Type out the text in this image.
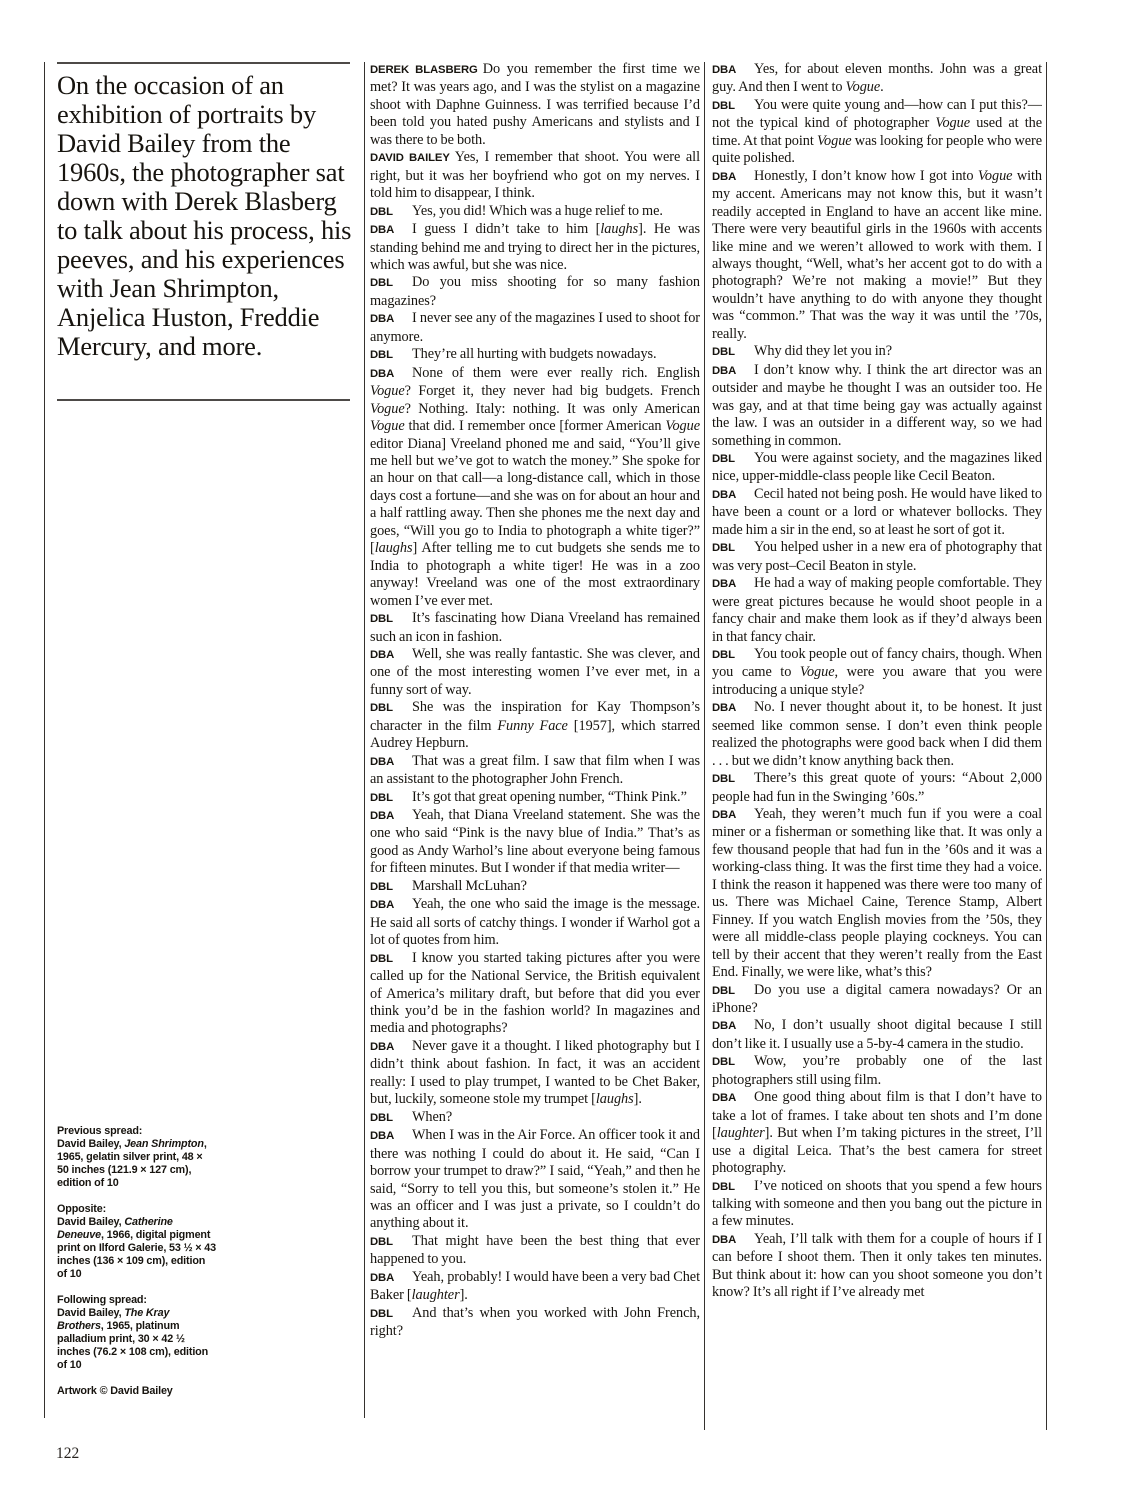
On the occasion of an exhibition of portraits by David Bailey from the 1960s, the photographer sat down with Derek Blasberg to talk about his process, his peeves, and his experiences with Jean Shrimpton, Anjelica Huston, Freddie Mercury, and more.
Previous spread:
David Bailey, Jean Shrimpton, 1965, gelatin silver print, 48 × 50 inches (121.9 × 127 cm), edition of 10
Opposite:
David Bailey, Catherine Deneuve, 1966, digital pigment print on Ilford Galerie, 53 ½ × 43 inches (136 × 109 cm), edition of 10
Following spread:
David Bailey, The Kray Brothers, 1965, platinum palladium print, 30 × 42 ½ inches (76.2 × 108 cm), edition of 10
Artwork © David Bailey
122

DEREK BLASBERG Do you remember the first time we met? It was years ago, and I was the stylist on a magazine shoot with Daphne Guinness. I was terrified because I’d been told you hated pushy Americans and stylists and I was there to be both.

DAVID BAILEY Yes, I remember that shoot. You were all right, but it was her boyfriend who got on my nerves. I told him to disappear, I think.

DBL Yes, you did! Which was a huge relief to me.

DBA I guess I didn’t take to him [laughs]. He was standing behind me and trying to direct her in the pictures, which was awful, but she was nice.

DBL Do you miss shooting for so many fashion magazines?

DBA I never see any of the magazines I used to shoot for anymore.

DBL They’re all hurting with budgets nowadays.

DBA None of them were ever really rich. English Vogue? Forget it, they never had big budgets. French Vogue? Nothing. Italy: nothing. It was only American Vogue that did. I remember once [former American Vogue editor Diana] Vreeland phoned me and said, “You’ll give me hell but we’ve got to watch the money.” She spoke for an hour on that call—a long-distance call, which in those days cost a fortune—and she was on for about an hour and a half rattling away. Then she phones me the next day and goes, “Will you go to India to photograph a white tiger?” [laughs] After telling me to cut budgets she sends me to India to photograph a white tiger! He was in a zoo anyway! Vreeland was one of the most extraordinary women I’ve ever met.

DBL It’s fascinating how Diana Vreeland has remained such an icon in fashion.

DBA Well, she was really fantastic. She was clever, and one of the most interesting women I’ve ever met, in a funny sort of way.

DBL She was the inspiration for Kay Thompson’s character in the film Funny Face [1957], which starred Audrey Hepburn.

DBA That was a great film. I saw that film when I was an assistant to the photographer John French.

DBL It’s got that great opening number, “Think Pink.”

DBA Yeah, that Diana Vreeland statement. She was the one who said “Pink is the navy blue of India.” That’s as good as Andy Warhol’s line about everyone being famous for fifteen minutes. But I wonder if that media writer—

DBL Marshall McLuhan?

DBA Yeah, the one who said the image is the message. He said all sorts of catchy things. I wonder if Warhol got a lot of quotes from him.

DBL I know you started taking pictures after you were called up for the National Service, the British equivalent of America’s military draft, but before that did you ever think you’d be in the fashion world? In magazines and media and photographs?

DBA Never gave it a thought. I liked photography but I didn’t think about fashion. In fact, it was an accident really: I used to play trumpet, I wanted to be Chet Baker, but, luckily, someone stole my trumpet [laughs].

DBL When?

DBA When I was in the Air Force. An officer took it and there was nothing I could do about it. He said, “Can I borrow your trumpet to draw?” I said, “Yeah,” and then he said, “Sorry to tell you this, but someone’s stolen it.” He was an officer and I was just a private, so I couldn’t do anything about it.

DBL That might have been the best thing that ever happened to you.

DBA Yeah, probably! I would have been a very bad Chet Baker [laughter].

DBL And that’s when you worked with John French, right?

DBA Yes, for about eleven months. John was a great guy. And then I went to Vogue.

DBL You were quite young and—how can I put this?—not the typical kind of photographer Vogue used at the time. At that point Vogue was looking for people who were quite polished.

DBA Honestly, I don’t know how I got into Vogue with my accent. Americans may not know this, but it wasn’t readily accepted in England to have an accent like mine. There were very beautiful girls in the 1960s with accents like mine and we weren’t allowed to work with them. I always thought, “Well, what’s her accent got to do with a photograph? We’re not making a movie!” But they wouldn’t have anything to do with anyone they thought was “common.” That was the way it was until the ’70s, really.

DBL Why did they let you in?

DBA I don’t know why. I think the art director was an outsider and maybe he thought I was an outsider too. He was gay, and at that time being gay was actually against the law. I was an outsider in a different way, so we had something in common.

DBL You were against society, and the magazines liked nice, upper-middle-class people like Cecil Beaton.

DBA Cecil hated not being posh. He would have liked to have been a count or a lord or whatever bollocks. They made him a sir in the end, so at least he sort of got it.

DBL You helped usher in a new era of photography that was very post–Cecil Beaton in style.

DBA He had a way of making people comfortable. They were great pictures because he would shoot people in a fancy chair and make them look as if they’d always been in that fancy chair.

DBL You took people out of fancy chairs, though. When you came to Vogue, were you aware that you were introducing a unique style?

DBA No. I never thought about it, to be honest. It just seemed like common sense. I don’t even think people realized the photographs were good back when I did them . . . but we didn’t know anything back then.

DBL There’s this great quote of yours: “About 2,000 people had fun in the Swinging ’60s.”

DBA Yeah, they weren’t much fun if you were a coal miner or a fisherman or something like that. It was only a few thousand people that had fun in the ’60s and it was a working-class thing. It was the first time they had a voice. I think the reason it happened was there were too many of us. There was Michael Caine, Terence Stamp, Albert Finney. If you watch English movies from the ’50s, they were all middle-class people playing cockneys. You can tell by their accent that they weren’t really from the East End. Finally, we were like, what’s this?

DBL Do you use a digital camera nowadays? Or an iPhone?

DBA No, I don’t usually shoot digital because I still don’t like it. I usually use a 5-by-4 camera in the studio.

DBL Wow, you’re probably one of the last photographers still using film.

DBA One good thing about film is that I don’t have to take a lot of frames. I take about ten shots and I’m done [laughter]. But when I’m taking pictures in the street, I’ll use a digital Leica. That’s the best camera for street photography.

DBL I’ve noticed on shoots that you spend a few hours talking with someone and then you bang out the picture in a few minutes.

DBA Yeah, I’ll talk with them for a couple of hours if I can before I shoot them. Then it only takes ten minutes. But think about it: how can you shoot someone you don’t know? It’s all right if I’ve already met
